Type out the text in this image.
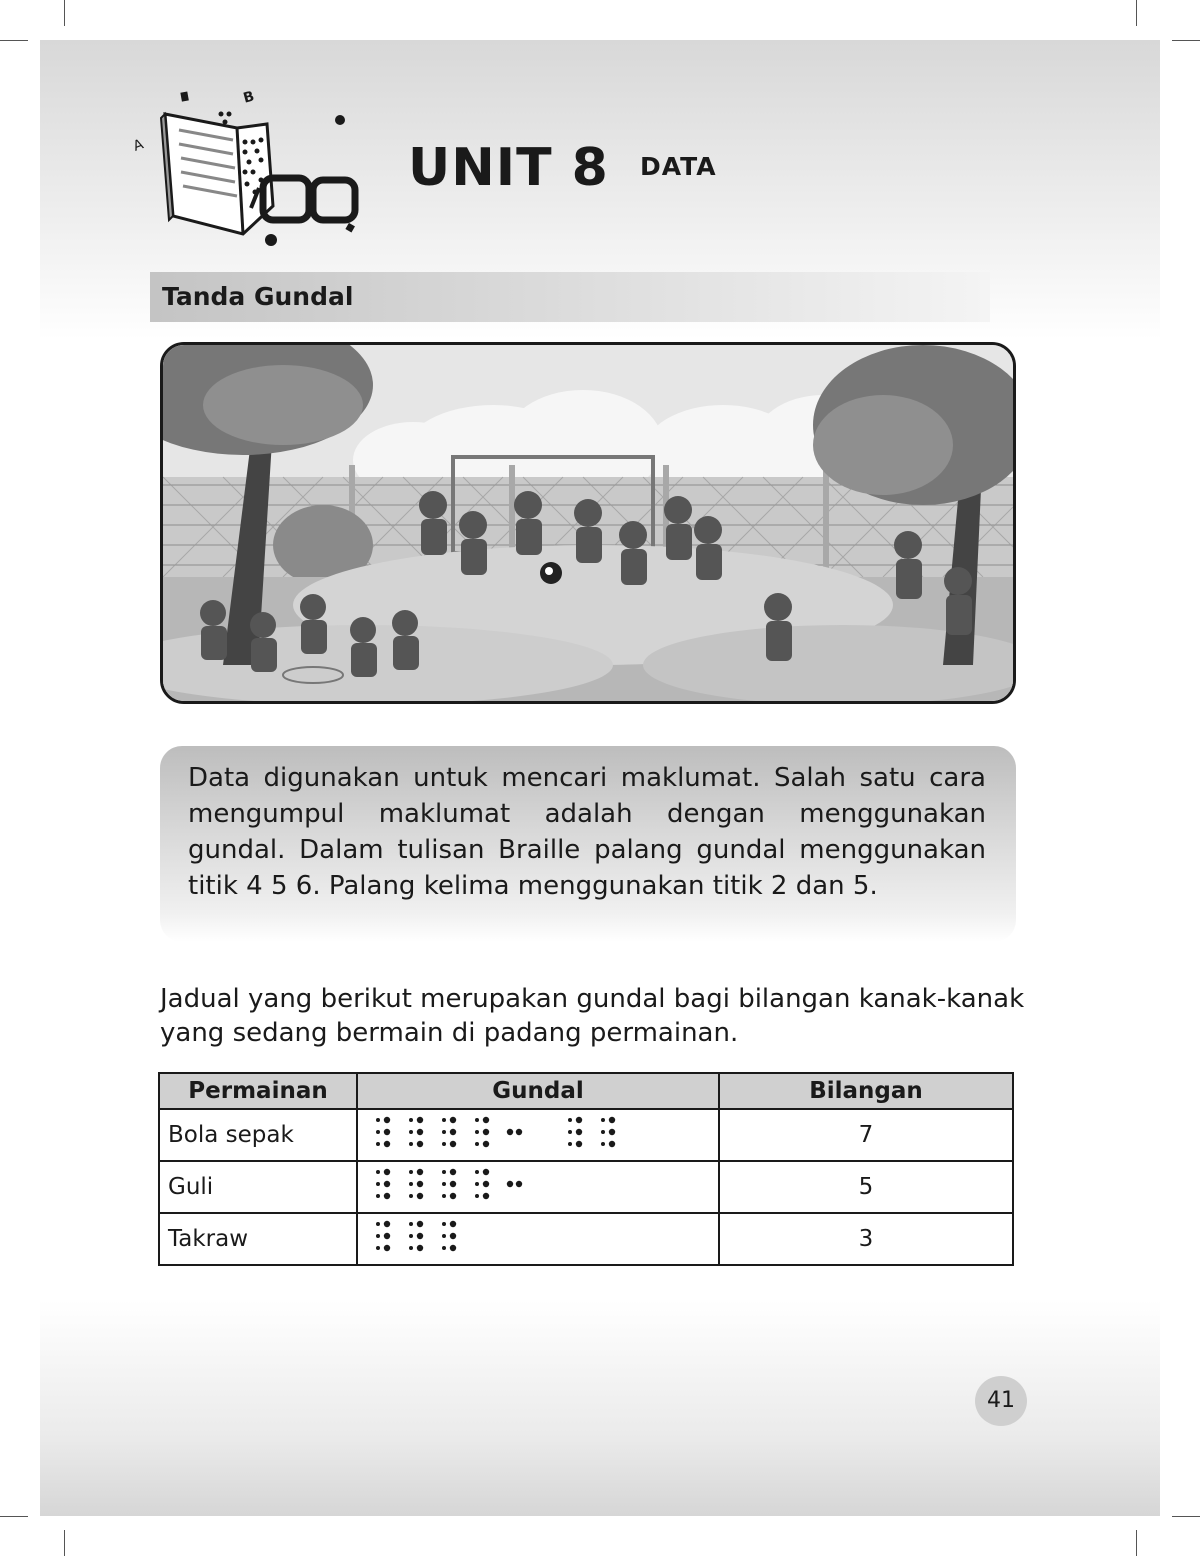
B
A	UNIT 8 DATA
Tanda Gundal
Data digunakan untuk mencari maklumat. Salah satu cara mengumpul maklumat adalah dengan menggunakan gundal. Dalam tulisan Braille palang gundal menggunakan titik 4 5 6. Palang kelima menggunakan titik 2 dan 5.
Jadual yang berikut merupakan gundal bagi bilangan kanak-kanak
yang sedang bermain di padang permainan.
Permainan	Gundal	Bilangan
Bola sepak		7
Guli		5
Takraw		3
41
